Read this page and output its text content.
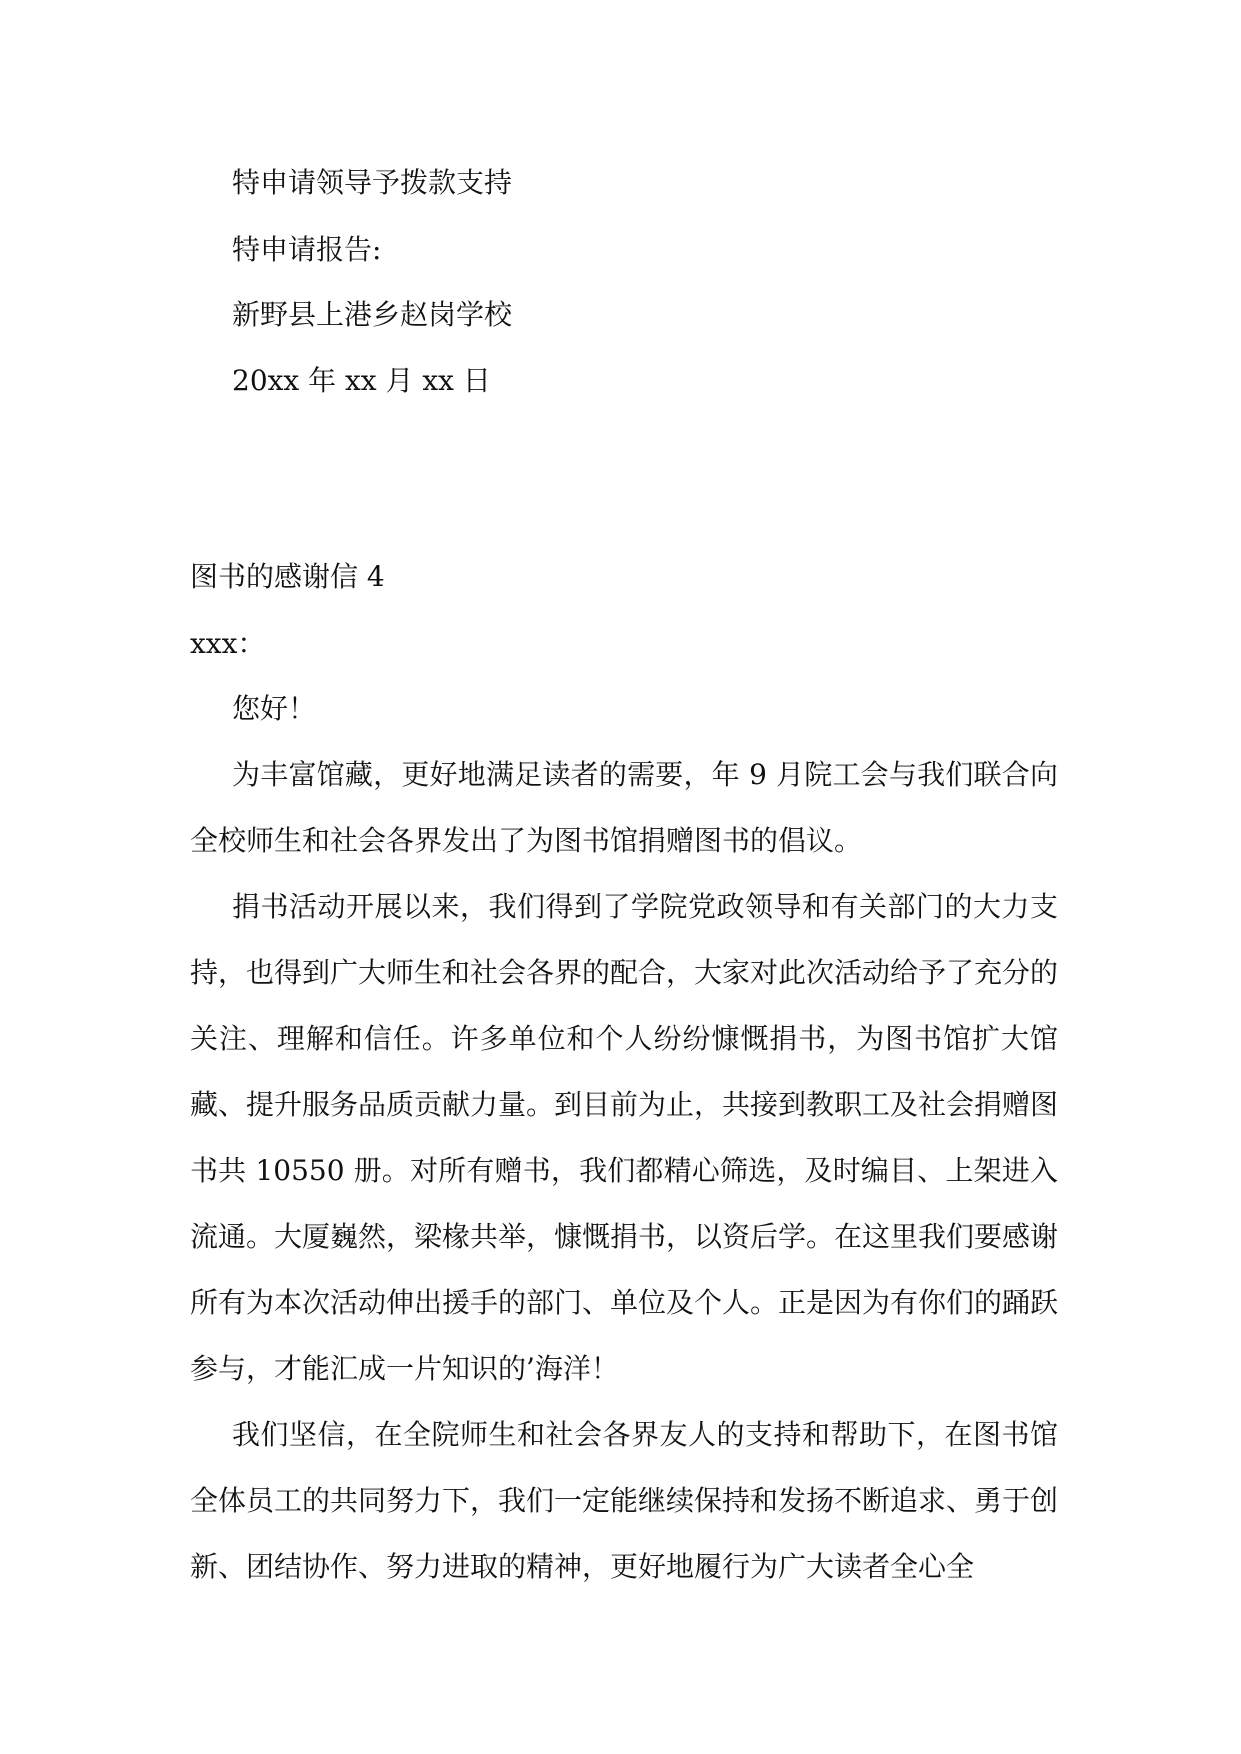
特申请领导予拨款支持
特申请报告:
新野县上港乡赵岗学校
20xx 年 xx 月 xx 日
图书的感谢信 4
xxx：
您好！

为丰富馆藏，更好地满足读者的需要，年 9 月院工会与我们联合向全校师生和社会各界发出了为图书馆捐赠图书的倡议。

捐书活动开展以来，我们得到了学院党政领导和有关部门的大力支持，也得到广大师生和社会各界的配合，大家对此次活动给予了充分的关注、理解和信任。许多单位和个人纷纷慷慨捐书，为图书馆扩大馆藏、提升服务品质贡献力量。到目前为止，共接到教职工及社会捐赠图书共 10550 册。对所有赠书，我们都精心筛选，及时编目、上架进入流通。大厦巍然，梁椽共举，慷慨捐书，以资后学。在这里我们要感谢所有为本次活动伸出援手的部门、单位及个人。正是因为有你们的踊跃参与，才能汇成一片知识的’海洋！

我们坚信，在全院师生和社会各界友人的支持和帮助下，在图书馆全体员工的共同努力下，我们一定能继续保持和发扬不断追求、勇于创新、团结协作、努力进取的精神，更好地履行为广大读者全心全
